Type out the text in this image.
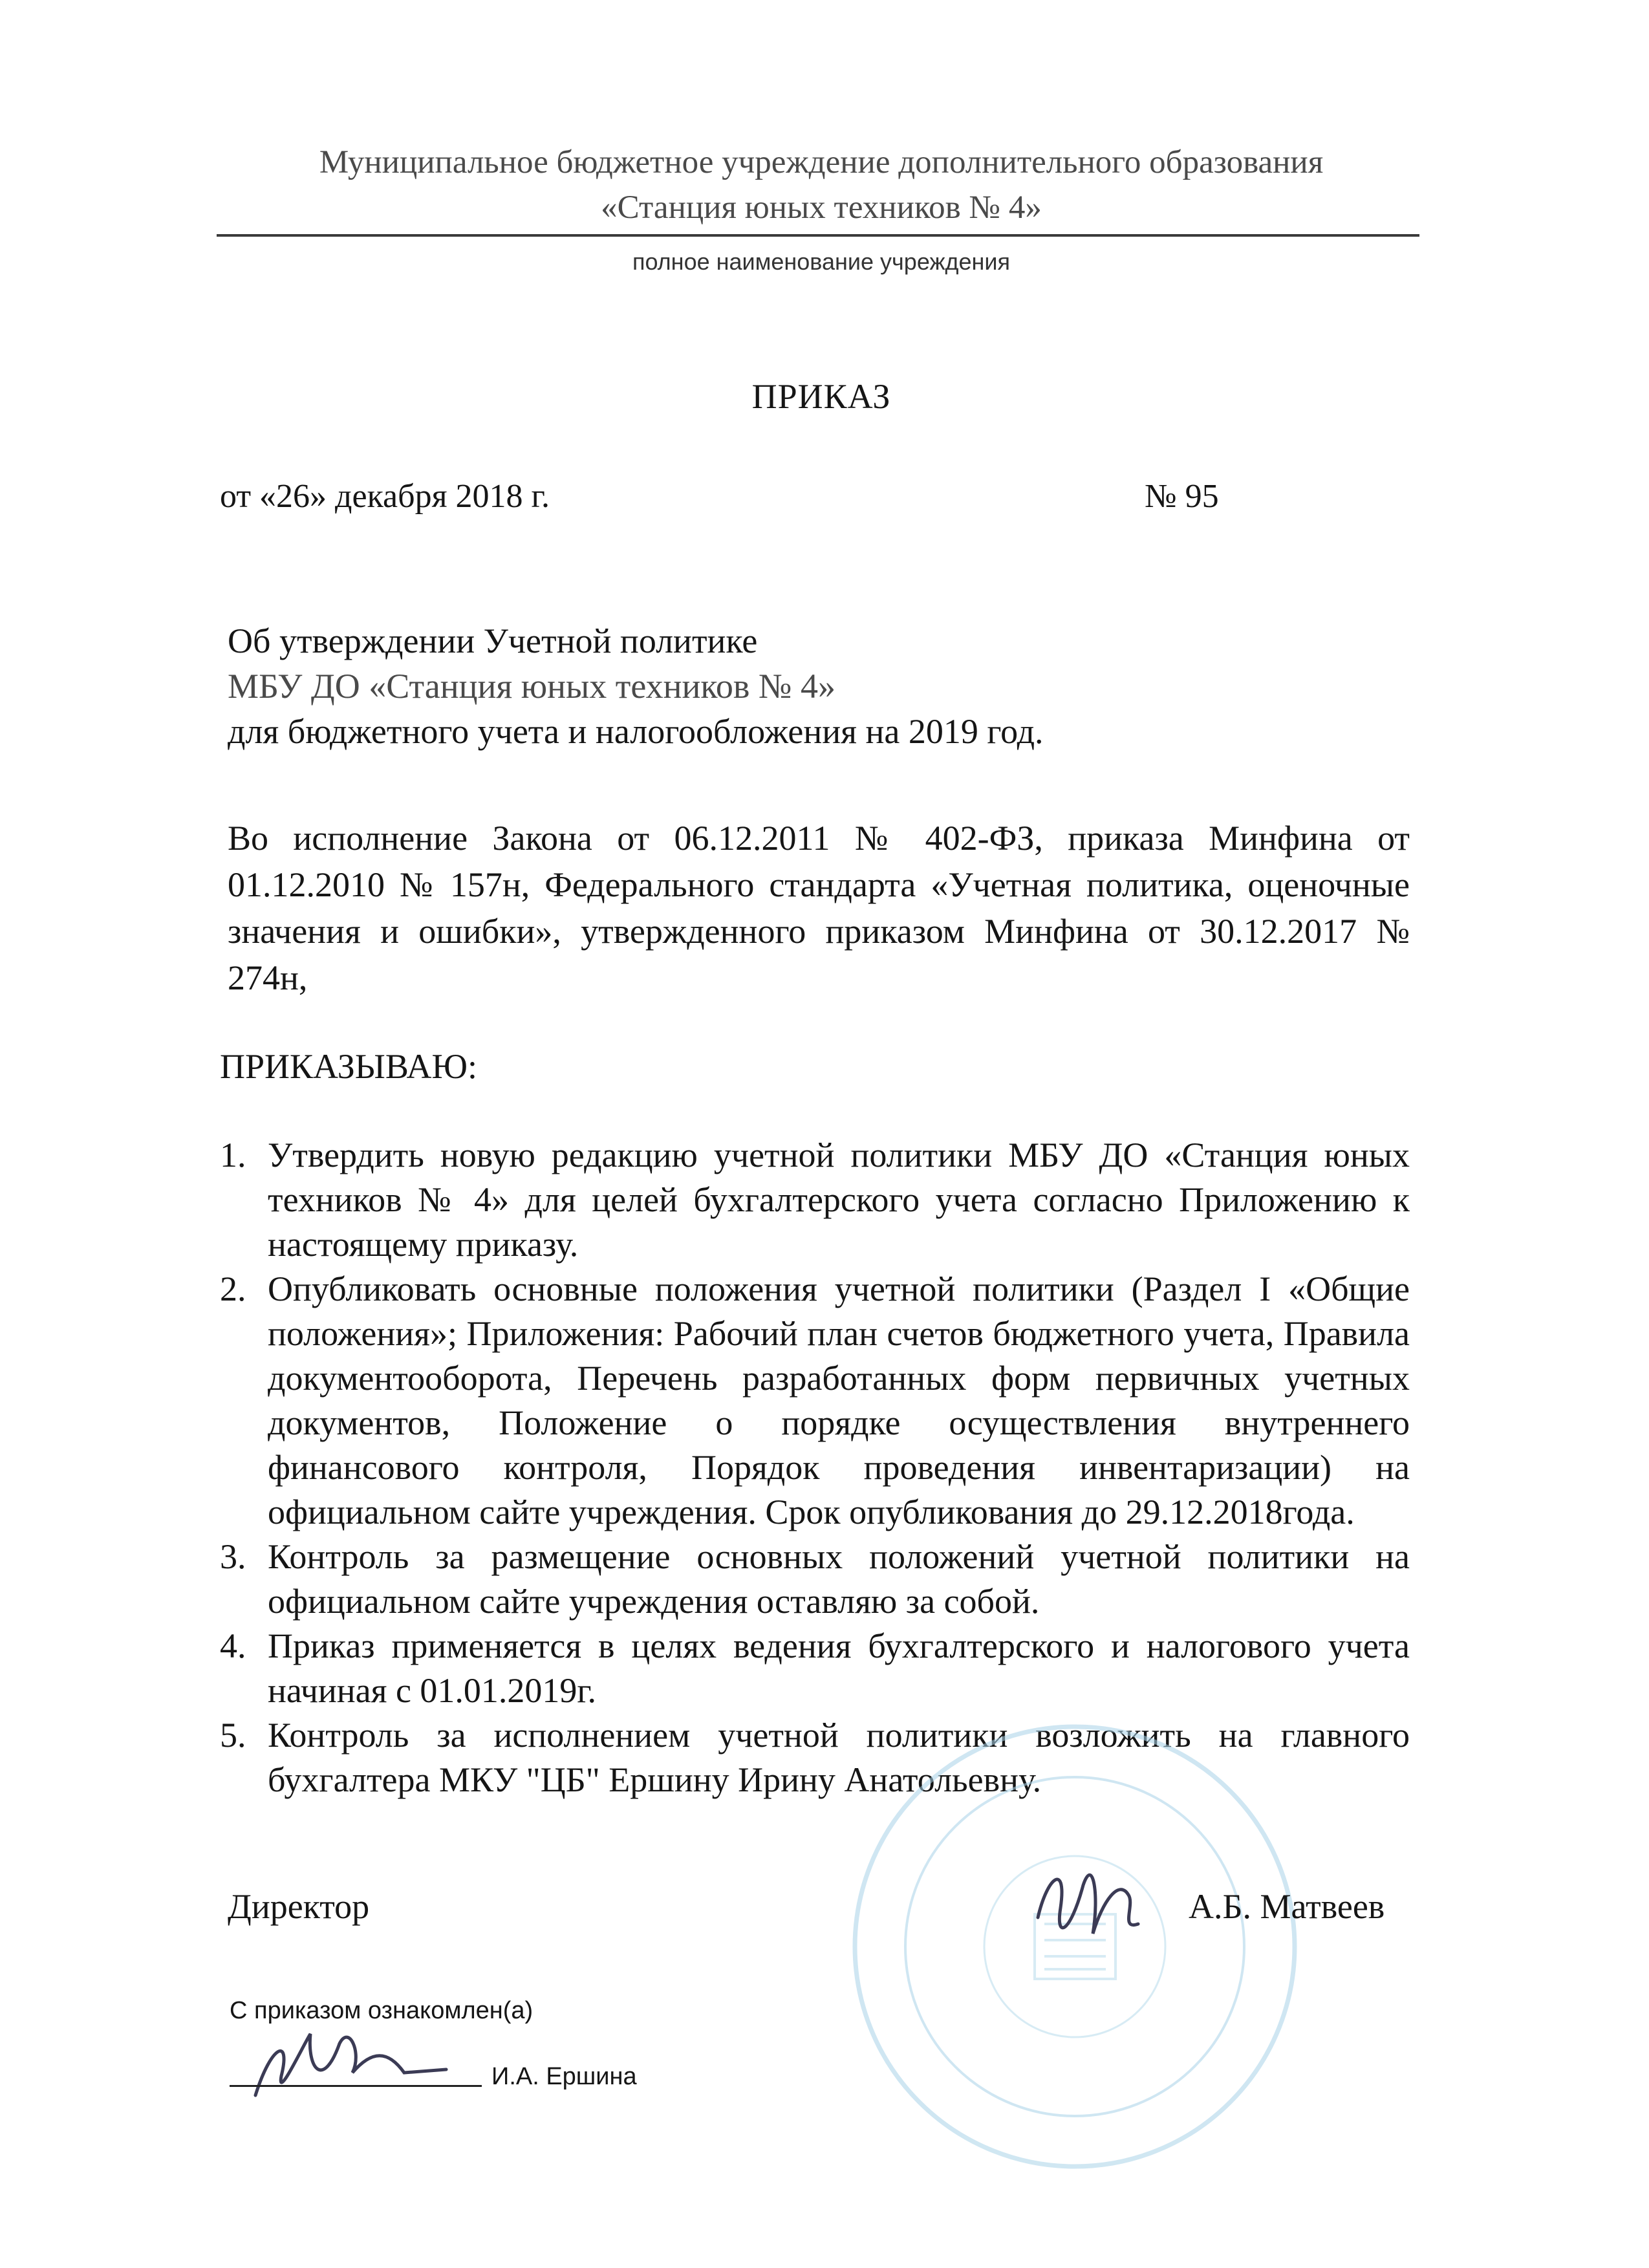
Муниципальное бюджетное учреждение дополнительного образования
«Станция юных техников № 4»
полное наименование учреждения
ПРИКАЗ
от «26» декабря 2018 г.	№ 95
Об утверждении Учетной политике
МБУ ДО «Станция юных техников № 4»
для бюджетного учета и налогообложения на 2019 год.

Во исполнение Закона от 06.12.2011 № 402-ФЗ, приказа Минфина от 01.12.2010 № 157н, Федерального стандарта «Учетная политика, оценочные значения и ошибки», утвержденного приказом Минфина от 30.12.2017 № 274н,

ПРИКАЗЫВАЮ:
1. Утвердить новую редакцию учетной политики МБУ ДО «Станция юных техников № 4» для целей бухгалтерского учета согласно Приложению к настоящему приказу.
2. Опубликовать основные положения учетной политики (Раздел I «Общие положения»; Приложения: Рабочий план счетов бюджетного учета, Правила документооборота, Перечень разработанных форм первичных учетных документов, Положение о порядке осуществления внутреннего финансового контроля, Порядок проведения инвентаризации) на официальном сайте учреждения. Срок опубликования до 29.12.2018года.
3. Контроль за размещение основных положений учетной политики на официальном сайте учреждения оставляю за собой.
4. Приказ применяется в целях ведения бухгалтерского и налогового учета начиная с 01.01.2019г.
5. Контроль за исполнением учетной политики возложить на главного бухгалтера МКУ "ЦБ" Ершину Ирину Анатольевну.
Директор	А.Б. Матвеев
С приказом ознакомлен(а)
И.А. Ершина
